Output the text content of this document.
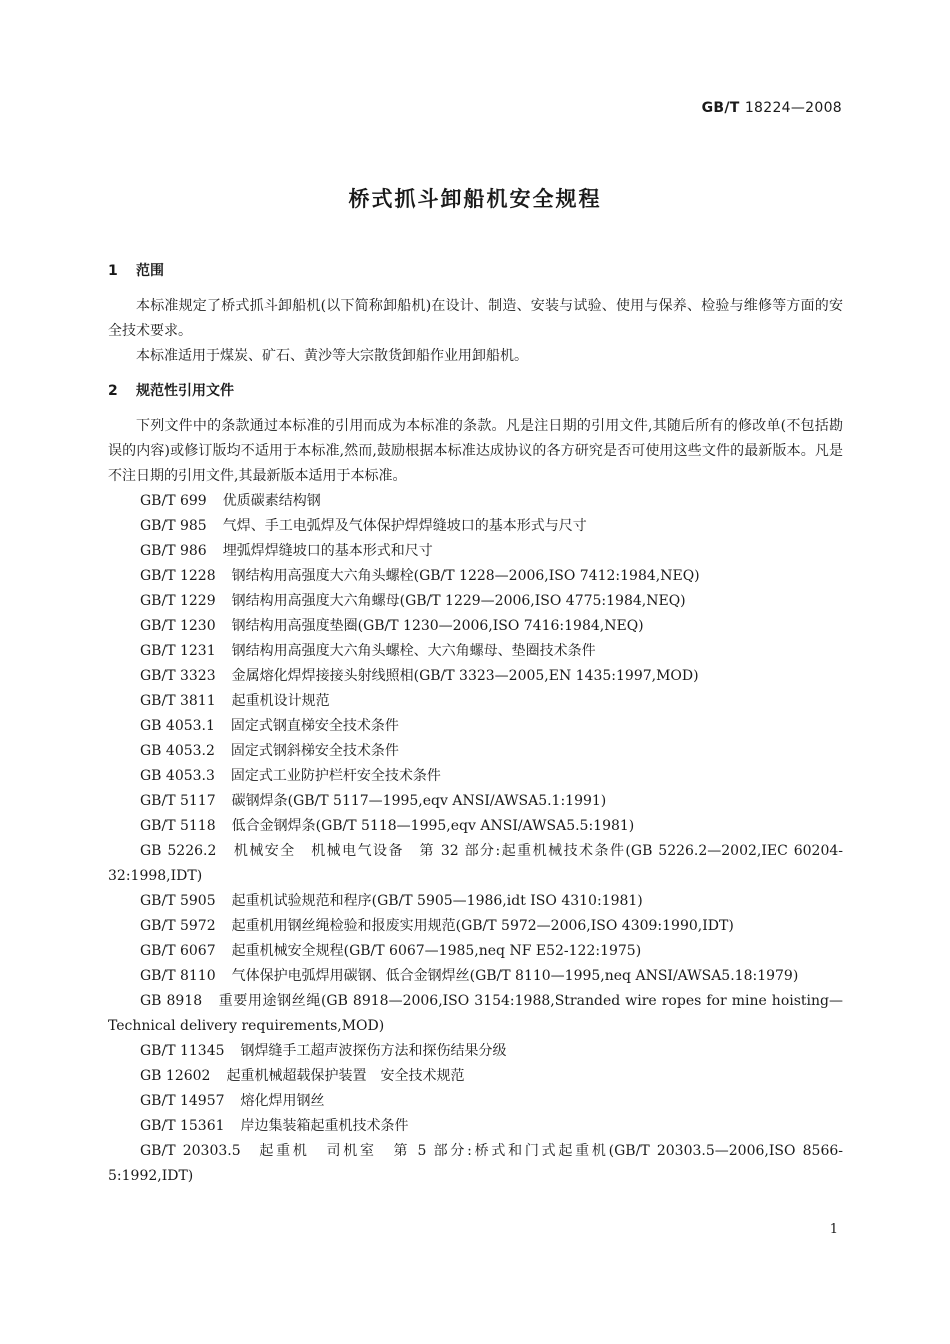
GB/T 18224—2008
桥式抓斗卸船机安全规程
1 范围
本标准规定了桥式抓斗卸船机(以下简称卸船机)在设计、制造、安装与试验、使用与保养、检验与维修等方面的安全技术要求。
本标准适用于煤炭、矿石、黄沙等大宗散货卸船作业用卸船机。
2 规范性引用文件
下列文件中的条款通过本标准的引用而成为本标准的条款。凡是注日期的引用文件,其随后所有的修改单(不包括勘误的内容)或修订版均不适用于本标准,然而,鼓励根据本标准达成协议的各方研究是否可使用这些文件的最新版本。凡是不注日期的引用文件,其最新版本适用于本标准。
GB/T 699 优质碳素结构钢
GB/T 985 气焊、手工电弧焊及气体保护焊焊缝坡口的基本形式与尺寸
GB/T 986 埋弧焊焊缝坡口的基本形式和尺寸
GB/T 1228 钢结构用高强度大六角头螺栓(GB/T 1228—2006,ISO 7412:1984,NEQ)
GB/T 1229 钢结构用高强度大六角螺母(GB/T 1229—2006,ISO 4775:1984,NEQ)
GB/T 1230 钢结构用高强度垫圈(GB/T 1230—2006,ISO 7416:1984,NEQ)
GB/T 1231 钢结构用高强度大六角头螺栓、大六角螺母、垫圈技术条件
GB/T 3323 金属熔化焊焊接接头射线照相(GB/T 3323—2005,EN 1435:1997,MOD)
GB/T 3811 起重机设计规范
GB 4053.1 固定式钢直梯安全技术条件
GB 4053.2 固定式钢斜梯安全技术条件
GB 4053.3 固定式工业防护栏杆安全技术条件
GB/T 5117 碳钢焊条(GB/T 5117—1995,eqv ANSI/AWSA5.1:1991)
GB/T 5118 低合金钢焊条(GB/T 5118—1995,eqv ANSI/AWSA5.5:1981)
GB 5226.2 机械安全　机械电气设备　第 32 部分:起重机械技术条件(GB 5226.2—2002,IEC 60204-32:1998,IDT)
GB/T 5905 起重机试验规范和程序(GB/T 5905—1986,idt ISO 4310:1981)
GB/T 5972 起重机用钢丝绳检验和报废实用规范(GB/T 5972—2006,ISO 4309:1990,IDT)
GB/T 6067 起重机械安全规程(GB/T 6067—1985,neq NF E52-122:1975)
GB/T 8110 气体保护电弧焊用碳钢、低合金钢焊丝(GB/T 8110—1995,neq ANSI/AWSA5.18:1979)
GB 8918 重要用途钢丝绳(GB 8918—2006,ISO 3154:1988,Stranded wire ropes for mine hoisting—Technical delivery requirements,MOD)
GB/T 11345 钢焊缝手工超声波探伤方法和探伤结果分级
GB 12602 起重机械超载保护装置　安全技术规范
GB/T 14957 熔化焊用钢丝
GB/T 15361 岸边集装箱起重机技术条件
GB/T 20303.5 起重机　司机室　第 5 部分:桥式和门式起重机(GB/T 20303.5—2006,ISO 8566-5:1992,IDT)
1
